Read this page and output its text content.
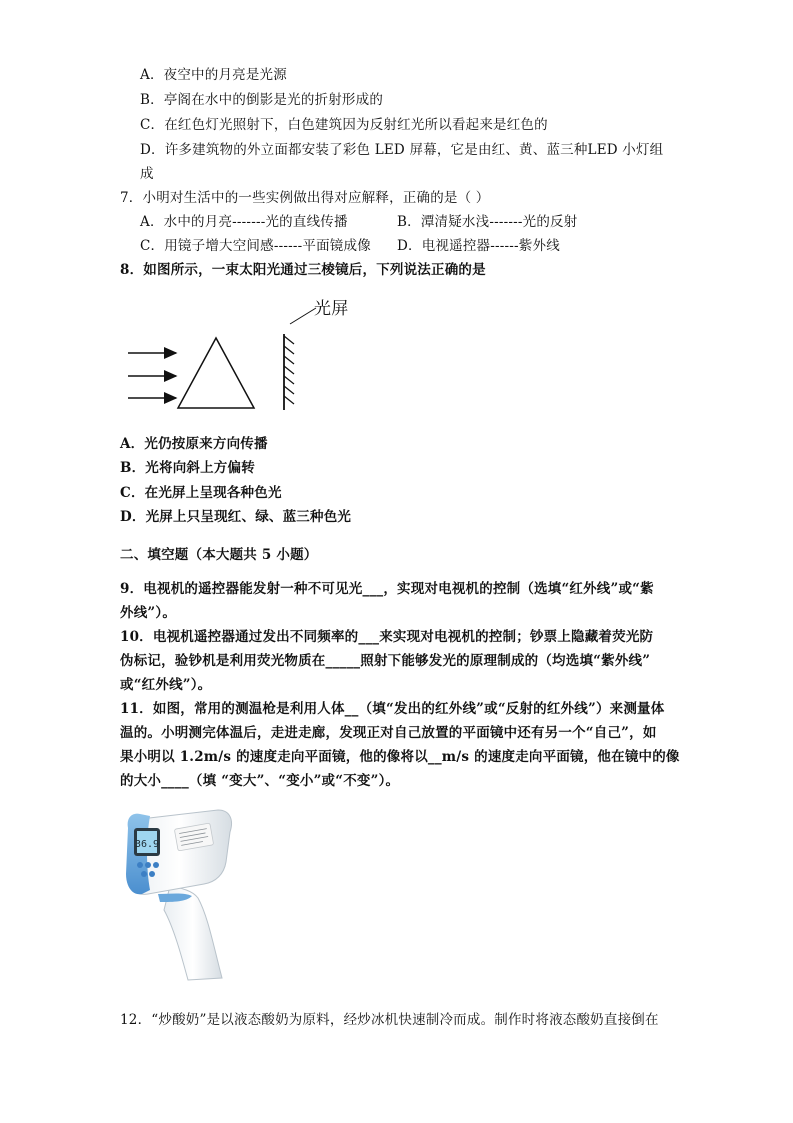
A．夜空中的月亮是光源
B．亭阁在水中的倒影是光的折射形成的
C．在红色灯光照射下，白色建筑因为反射红光所以看起来是红色的
D．许多建筑物的外立面都安装了彩色 LED 屏幕，它是由红、黄、蓝三种LED 小灯组
成
7．小明对生活中的一些实例做出得对应解释，正确的是（ ）
A．水中的月亮-------光的直线传播	B．潭清疑水浅-------光的反射
C．用镜子增大空间感------平面镜成像 D．电视遥控器------紫外线
8．如图所示，一束太阳光通过三棱镜后，下列说法正确的是
光屏
A．光仍按原来方向传播
B．光将向斜上方偏转
C．在光屏上呈现各种色光
D．光屏上只呈现红、绿、蓝三种色光
二、填空题（本大题共 5 小题）
9．电视机的遥控器能发射一种不可见光___，实现对电视机的控制（选填“红外线”或“紫
外线”）。
10．电视机遥控器通过发出不同频率的___来实现对电视机的控制；钞票上隐藏着荧光防
伪标记，验钞机是利用荧光物质在_____照射下能够发光的原理制成的（均选填“紫外线”
或“红外线”）。
11．如图，常用的测温枪是利用人体__（填“发出的红外线”或“反射的红外线”）来测量体
温的。小明测完体温后，走进走廊，发现正对自己放置的平面镜中还有另一个“自己”，如
果小明以 1.2m/s 的速度走向平面镜，他的像将以__m/s 的速度走向平面镜，他在镜中的像
的大小____（填 “变大”、“变小”或“不变”）。
36.9
12．“炒酸奶”是以液态酸奶为原料，经炒冰机快速制冷而成。制作时将液态酸奶直接倒在
